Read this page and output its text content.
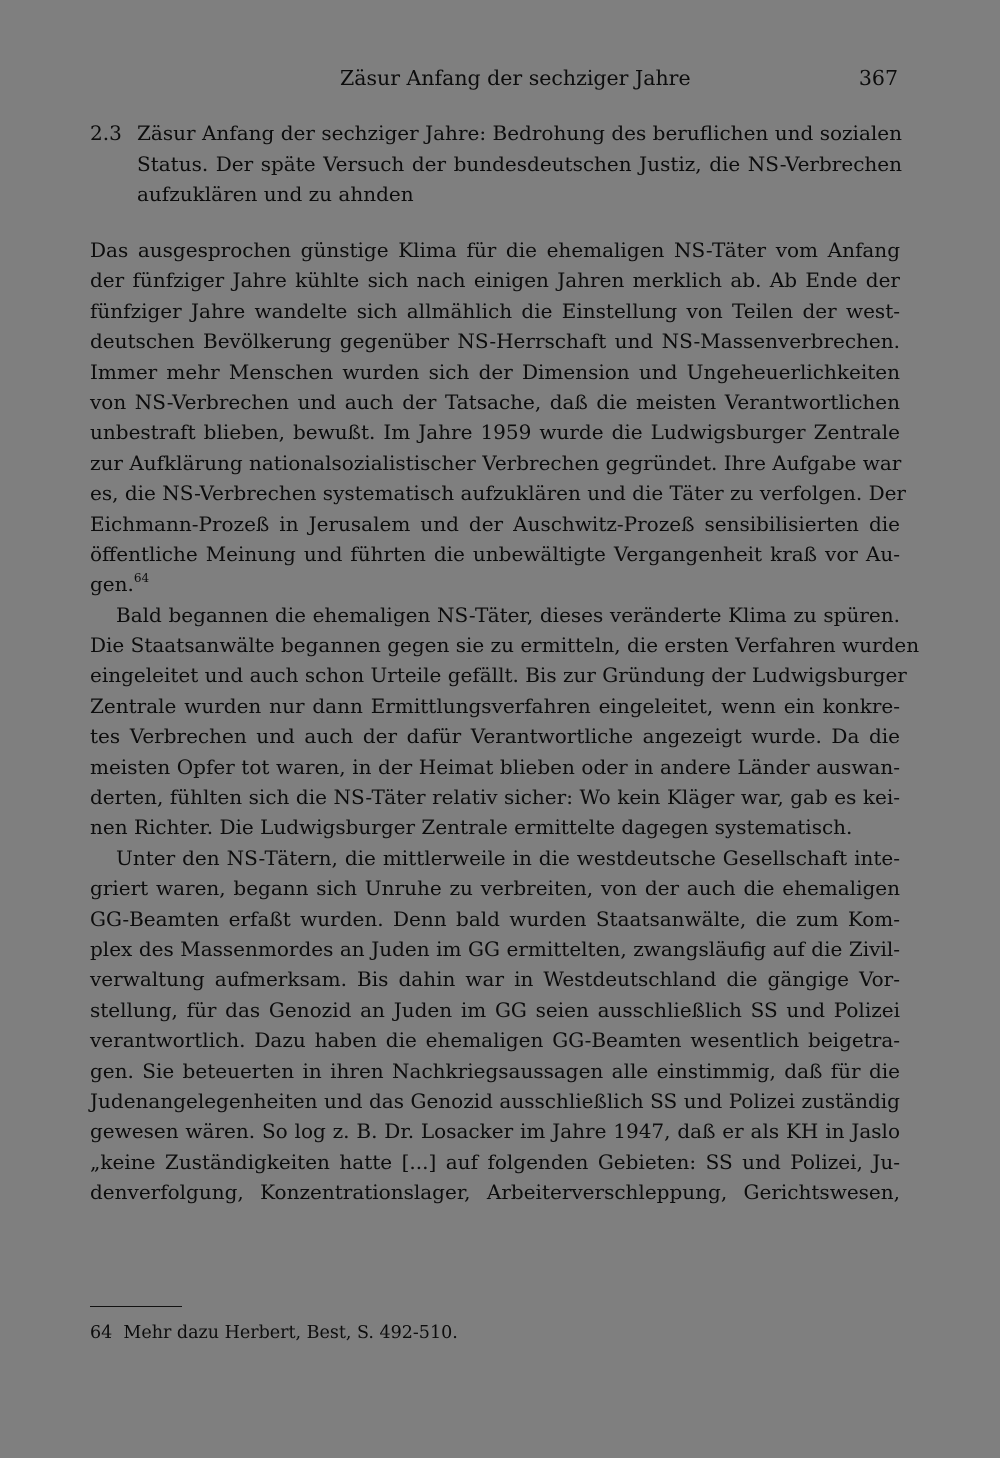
Zäsur Anfang der sechziger Jahre	367
2.3 Zäsur Anfang der sechziger Jahre: Bedrohung des beruflichen und sozialen
Status. Der späte Versuch der bundesdeutschen Justiz, die NS-Verbrechen
aufzuklären und zu ahnden
Das ausgesprochen günstige Klima für die ehemaligen NS-Täter vom Anfang
der fünfziger Jahre kühlte sich nach einigen Jahren merklich ab. Ab Ende der
fünfziger Jahre wandelte sich allmählich die Einstellung von Teilen der west-
deutschen Bevölkerung gegenüber NS-Herrschaft und NS-Massenverbrechen.
Immer mehr Menschen wurden sich der Dimension und Ungeheuerlichkeiten
von NS-Verbrechen und auch der Tatsache, daß die meisten Verantwortlichen
unbestraft blieben, bewußt. Im Jahre 1959 wurde die Ludwigsburger Zentrale
zur Aufklärung nationalsozialistischer Verbrechen gegründet. Ihre Aufgabe war
es, die NS-Verbrechen systematisch aufzuklären und die Täter zu verfolgen. Der
Eichmann-Prozeß in Jerusalem und der Auschwitz-Prozeß sensibilisierten die
öffentliche Meinung und führten die unbewältigte Vergangenheit kraß vor Au-
gen.$^{64}$
Bald begannen die ehemaligen NS-Täter, dieses veränderte Klima zu spüren.
Die Staatsanwälte begannen gegen sie zu ermitteln, die ersten Verfahren wurden
eingeleitet und auch schon Urteile gefällt. Bis zur Gründung der Ludwigsburger
Zentrale wurden nur dann Ermittlungsverfahren eingeleitet, wenn ein konkre-
tes Verbrechen und auch der dafür Verantwortliche angezeigt wurde. Da die
meisten Opfer tot waren, in der Heimat blieben oder in andere Länder auswan-
derten, fühlten sich die NS-Täter relativ sicher: Wo kein Kläger war, gab es kei-
nen Richter. Die Ludwigsburger Zentrale ermittelte dagegen systematisch.
Unter den NS-Tätern, die mittlerweile in die westdeutsche Gesellschaft inte-
griert waren, begann sich Unruhe zu verbreiten, von der auch die ehemaligen
GG-Beamten erfaßt wurden. Denn bald wurden Staatsanwälte, die zum Kom-
plex des Massenmordes an Juden im GG ermittelten, zwangsläufig auf die Zivil-
verwaltung aufmerksam. Bis dahin war in Westdeutschland die gängige Vor-
stellung, für das Genozid an Juden im GG seien ausschließlich SS und Polizei
verantwortlich. Dazu haben die ehemaligen GG-Beamten wesentlich beigetra-
gen. Sie beteuerten in ihren Nachkriegsaussagen alle einstimmig, daß für die
Judenangelegenheiten und das Genozid ausschließlich SS und Polizei zuständig
gewesen wären. So log z. B. Dr. Losacker im Jahre 1947, daß er als KH in Jaslo
„keine Zuständigkeiten hatte [...] auf folgenden Gebieten: SS und Polizei, Ju-
denverfolgung, Konzentrationslager, Arbeiterverschleppung, Gerichtswesen,
64 Mehr dazu Herbert, Best, S. 492-510.
